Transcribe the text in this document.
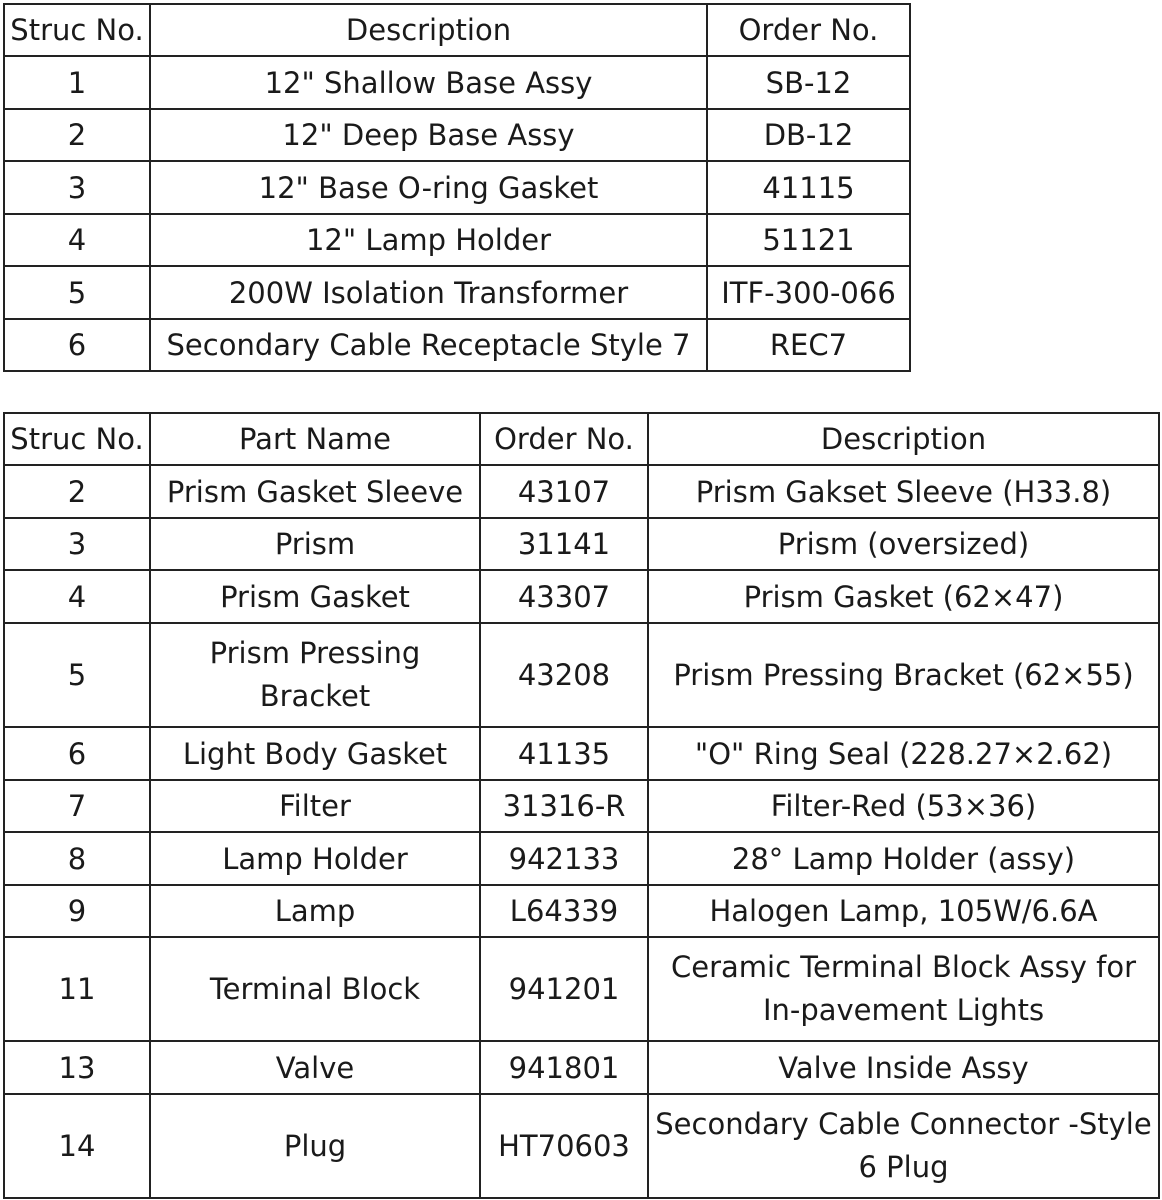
Struc No.	Description	Order No.
1	12" Shallow Base Assy	SB-12
2	12" Deep Base Assy	DB-12
3	12" Base O-ring Gasket	41115
4	12" Lamp Holder	51121
5	200W Isolation Transformer	ITF-300-066
6	Secondary Cable Receptacle Style 7	REC7
Struc No.	Part Name	Order No.	Description
2	Prism Gasket Sleeve	43107	Prism Gakset Sleeve (H33.8)
3	Prism	31141	Prism (oversized)
4	Prism Gasket	43307	Prism Gasket (62×47)
5	Prism Pressing Bracket	43208	Prism Pressing Bracket (62×55)
6	Light Body Gasket	41135	"O" Ring Seal (228.27×2.62)
7	Filter	31316-R	Filter-Red (53×36)
8	Lamp Holder	942133	28° Lamp Holder (assy)
9	Lamp	L64339	Halogen Lamp, 105W/6.6A
11	Terminal Block	941201	Ceramic Terminal Block Assy for In-pavement Lights
13	Valve	941801	Valve Inside Assy
14	Plug	HT70603	Secondary Cable Connector -Style 6 Plug
